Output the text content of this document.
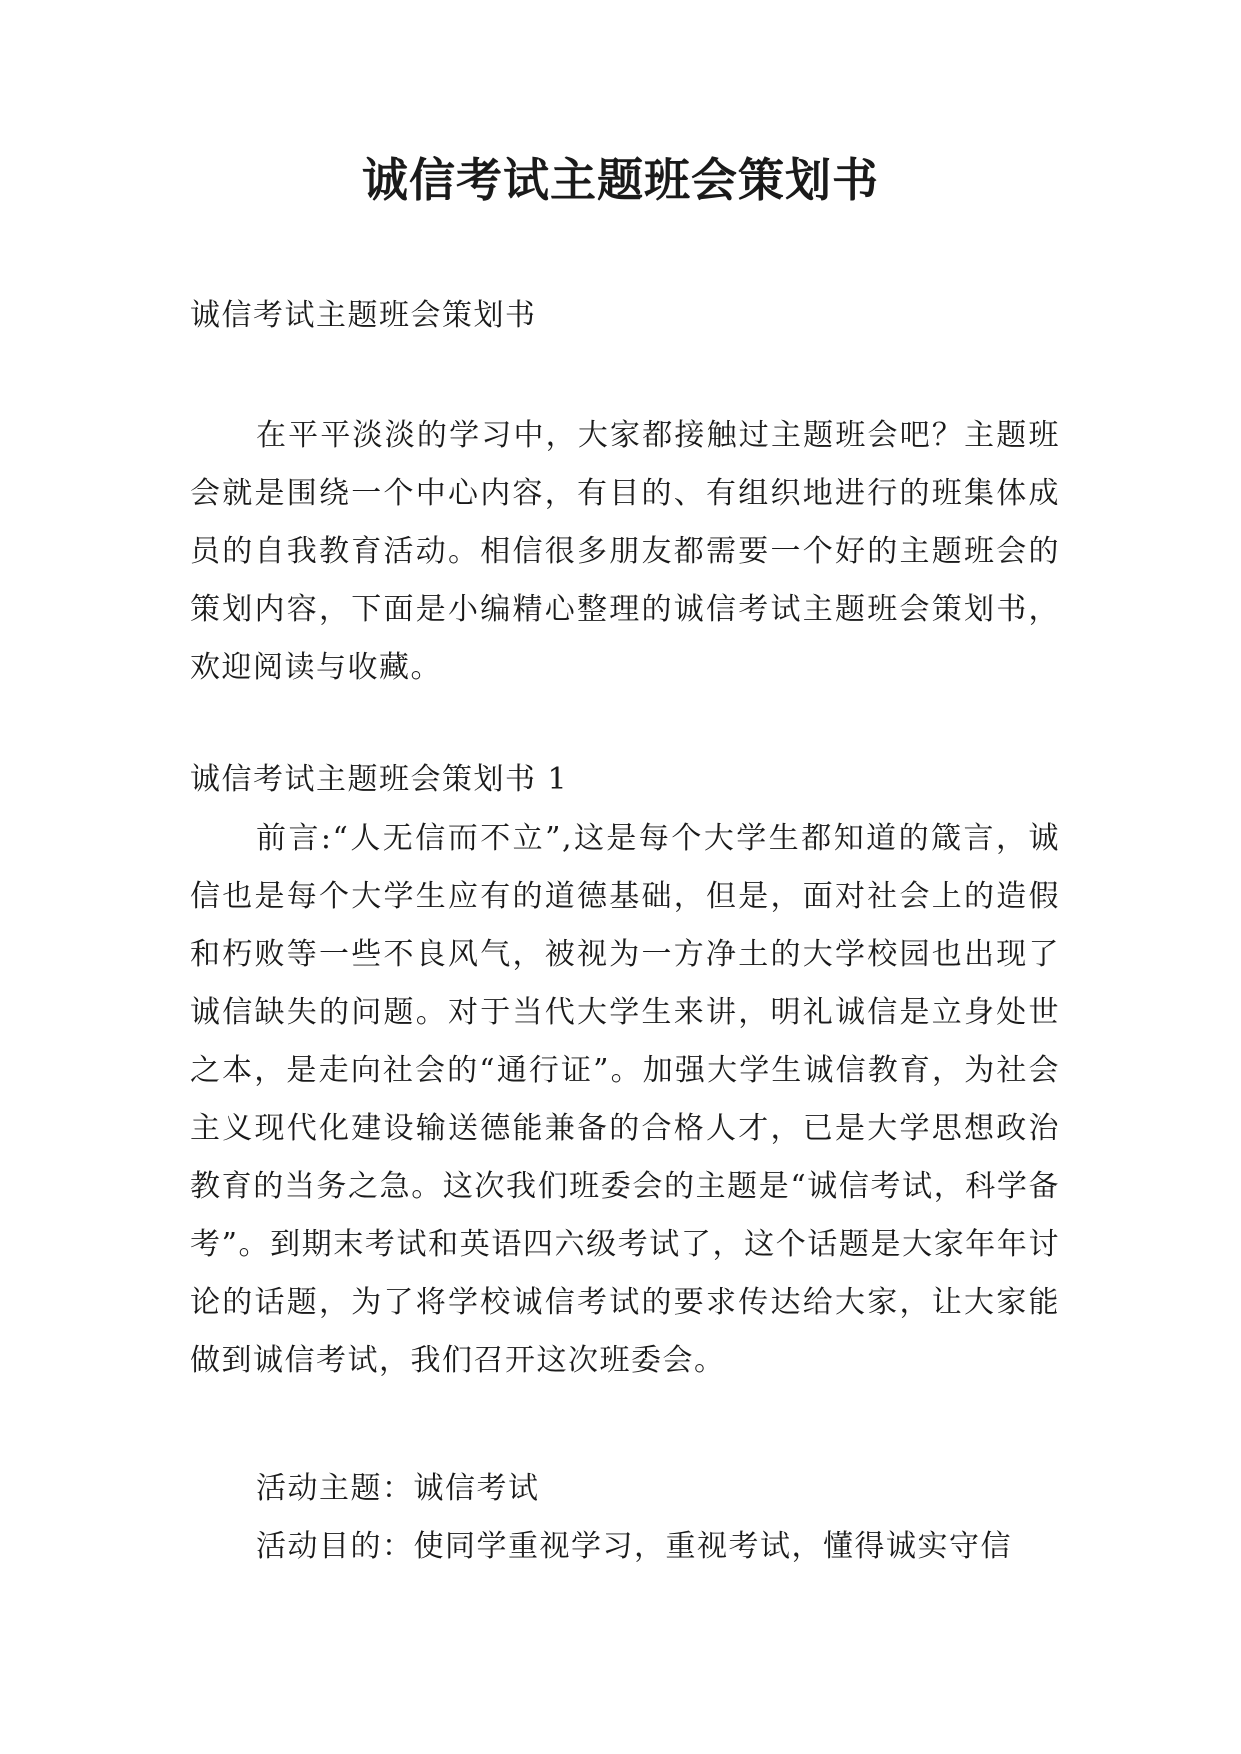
诚信考试主题班会策划书

诚信考试主题班会策划书

在平平淡淡的学习中，大家都接触过主题班会吧？主题班会就是围绕一个中心内容，有目的、有组织地进行的班集体成员的自我教育活动。相信很多朋友都需要一个好的主题班会的策划内容，下面是小编精心整理的诚信考试主题班会策划书，欢迎阅读与收藏。

诚信考试主题班会策划书 1

前言:“人无信而不立”,这是每个大学生都知道的箴言，诚信也是每个大学生应有的道德基础，但是，面对社会上的造假和朽败等一些不良风气，被视为一方净土的大学校园也出现了诚信缺失的问题。对于当代大学生来讲，明礼诚信是立身处世之本，是走向社会的“通行证”。加强大学生诚信教育，为社会主义现代化建设输送德能兼备的合格人才，已是大学思想政治教育的当务之急。这次我们班委会的主题是“诚信考试，科学备考”。到期末考试和英语四六级考试了，这个话题是大家年年讨论的话题，为了将学校诚信考试的要求传达给大家，让大家能做到诚信考试，我们召开这次班委会。

活动主题：诚信考试

活动目的：使同学重视学习，重视考试，懂得诚实守信
